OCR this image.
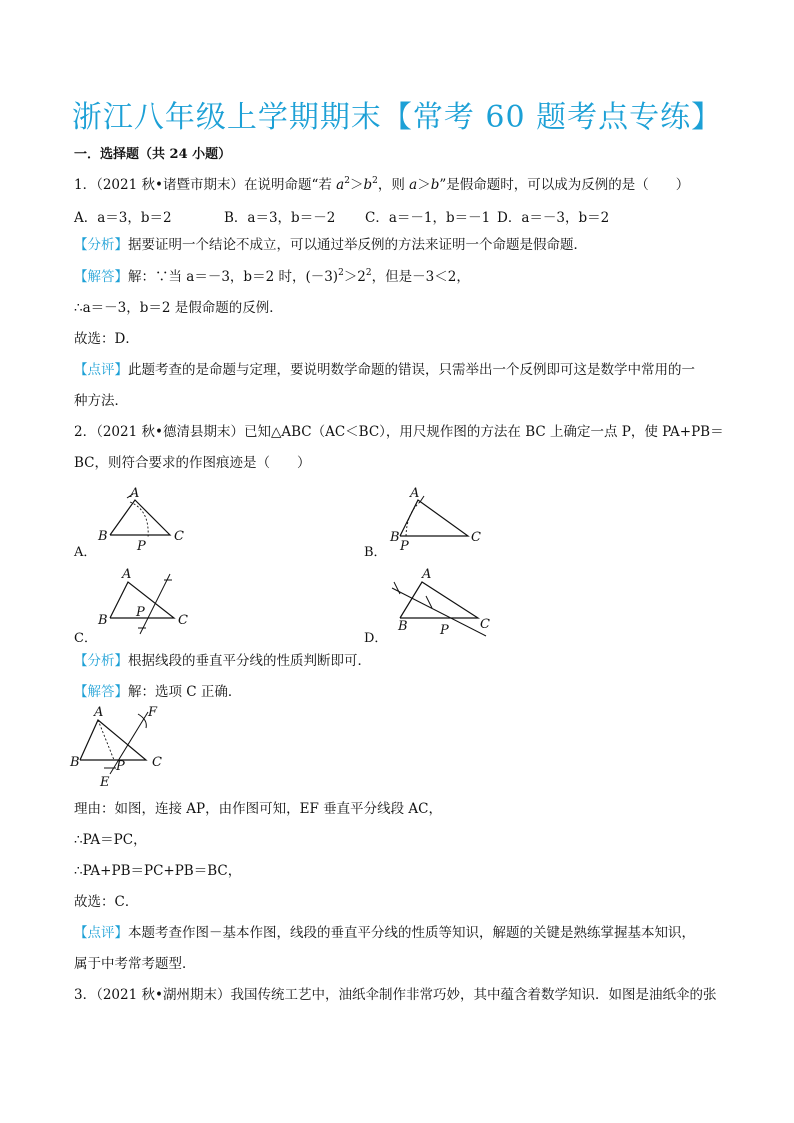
浙江八年级上学期期末【常考 60 题考点专练】
一．选择题（共 24 小题）
1．（2021 秋•诸暨市期末）在说明命题“若 $a^2>b^2$，则 a＞b”是假命题时，可以成为反例的是（　　）
A．a＝3，b＝2	B．a＝3，b＝－2 C．a＝－1，b＝－1 D．a＝－3，b＝2
【分析】据要证明一个结论不成立，可以通过举反例的方法来证明一个命题是假命题．
【解答】解：∵当 a＝－3，b＝2 时，$(-3)^2>2^2$，但是－3＜2，
∴a＝－3，b＝2 是假命题的反例．
故选：D．
【点评】此题考查的是命题与定理，要说明数学命题的错误，只需举出一个反例即可这是数学中常用的一
种方法．
2．（2021 秋•德清县期末）已知△ABC（AC＜BC），用尺规作图的方法在 BC 上确定一点 P，使 PA+PB＝
BC，则符合要求的作图痕迹是（　　）
A．
A
B	C
P	B．
A
B	C
P
C．
A
B	C
P
D．
A
B	C
P
【分析】根据线段的垂直平分线的性质判断即可．
【解答】解：选项 C 正确．
A
B	C
P
E
F
理由：如图，连接 AP，由作图可知，EF 垂直平分线段 AC，
∴PA＝PC，
∴PA+PB＝PC+PB＝BC，
故选：C．
【点评】本题考查作图－基本作图，线段的垂直平分线的性质等知识，解题的关键是熟练掌握基本知识，
属于中考常考题型．
3．（2021 秋•湖州期末）我国传统工艺中，油纸伞制作非常巧妙，其中蕴含着数学知识．如图是油纸伞的张
